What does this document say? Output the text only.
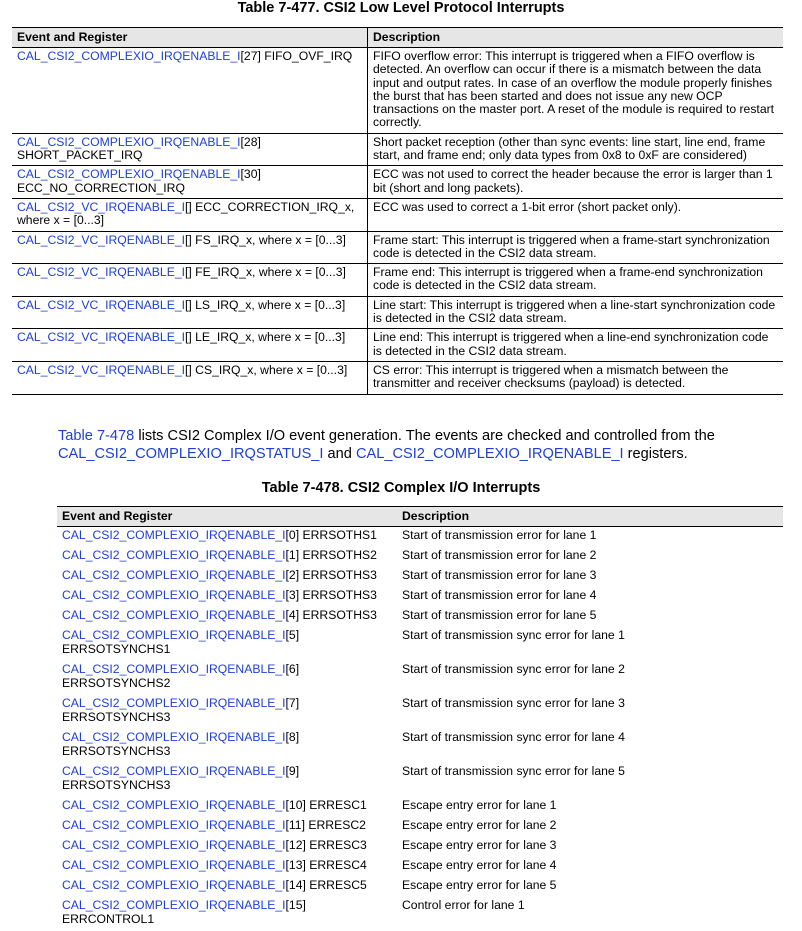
Table 7-477. CSI2 Low Level Protocol Interrupts
Event and Register	Description
CAL_CSI2_COMPLEXIO_IRQENABLE_I[27] FIFO_OVF_IRQ	FIFO overflow error: This interrupt is triggered when a FIFO overflow is detected. An overflow can occur if there is a mismatch between the data input and output rates. In case of an overflow the module properly finishes the burst that has been started and does not issue any new OCP transactions on the master port. A reset of the module is required to restart correctly.
CAL_CSI2_COMPLEXIO_IRQENABLE_I[28] SHORT_PACKET_IRQ	Short packet reception (other than sync events: line start, line end, frame start, and frame end; only data types from 0x8 to 0xF are considered)
CAL_CSI2_COMPLEXIO_IRQENABLE_I[30] ECC_NO_CORRECTION_IRQ	ECC was not used to correct the header because the error is larger than 1 bit (short and long packets).
CAL_CSI2_VC_IRQENABLE_I[] ECC_CORRECTION_IRQ_x, where x = [0...3]	ECC was used to correct a 1-bit error (short packet only).
CAL_CSI2_VC_IRQENABLE_I[] FS_IRQ_x, where x = [0...3]	Frame start: This interrupt is triggered when a frame-start synchronization code is detected in the CSI2 data stream.
CAL_CSI2_VC_IRQENABLE_I[] FE_IRQ_x, where x = [0...3]	Frame end: This interrupt is triggered when a frame-end synchronization code is detected in the CSI2 data stream.
CAL_CSI2_VC_IRQENABLE_I[] LS_IRQ_x, where x = [0...3]	Line start: This interrupt is triggered when a line-start synchronization code is detected in the CSI2 data stream.
CAL_CSI2_VC_IRQENABLE_I[] LE_IRQ_x, where x = [0...3]	Line end: This interrupt is triggered when a line-end synchronization code is detected in the CSI2 data stream.
CAL_CSI2_VC_IRQENABLE_I[] CS_IRQ_x, where x = [0...3]	CS error: This interrupt is triggered when a mismatch between the transmitter and receiver checksums (payload) is detected.
Table 7-478 lists CSI2 Complex I/O event generation. The events are checked and controlled from the CAL_CSI2_COMPLEXIO_IRQSTATUS_I and CAL_CSI2_COMPLEXIO_IRQENABLE_I registers.
Table 7-478. CSI2 Complex I/O Interrupts
Event and Register	Description
CAL_CSI2_COMPLEXIO_IRQENABLE_I[0] ERRSOTHS1	Start of transmission error for lane 1
CAL_CSI2_COMPLEXIO_IRQENABLE_I[1] ERRSOTHS2	Start of transmission error for lane 2
CAL_CSI2_COMPLEXIO_IRQENABLE_I[2] ERRSOTHS3	Start of transmission error for lane 3
CAL_CSI2_COMPLEXIO_IRQENABLE_I[3] ERRSOTHS3	Start of transmission error for lane 4
CAL_CSI2_COMPLEXIO_IRQENABLE_I[4] ERRSOTHS3	Start of transmission error for lane 5
CAL_CSI2_COMPLEXIO_IRQENABLE_I[5] ERRSOTSYNCHS1	Start of transmission sync error for lane 1
CAL_CSI2_COMPLEXIO_IRQENABLE_I[6] ERRSOTSYNCHS2	Start of transmission sync error for lane 2
CAL_CSI2_COMPLEXIO_IRQENABLE_I[7] ERRSOTSYNCHS3	Start of transmission sync error for lane 3
CAL_CSI2_COMPLEXIO_IRQENABLE_I[8] ERRSOTSYNCHS3	Start of transmission sync error for lane 4
CAL_CSI2_COMPLEXIO_IRQENABLE_I[9] ERRSOTSYNCHS3	Start of transmission sync error for lane 5
CAL_CSI2_COMPLEXIO_IRQENABLE_I[10] ERRESC1	Escape entry error for lane 1
CAL_CSI2_COMPLEXIO_IRQENABLE_I[11] ERRESC2	Escape entry error for lane 2
CAL_CSI2_COMPLEXIO_IRQENABLE_I[12] ERRESC3	Escape entry error for lane 3
CAL_CSI2_COMPLEXIO_IRQENABLE_I[13] ERRESC4	Escape entry error for lane 4
CAL_CSI2_COMPLEXIO_IRQENABLE_I[14] ERRESC5	Escape entry error for lane 5
CAL_CSI2_COMPLEXIO_IRQENABLE_I[15] ERRCONTROL1	Control error for lane 1
